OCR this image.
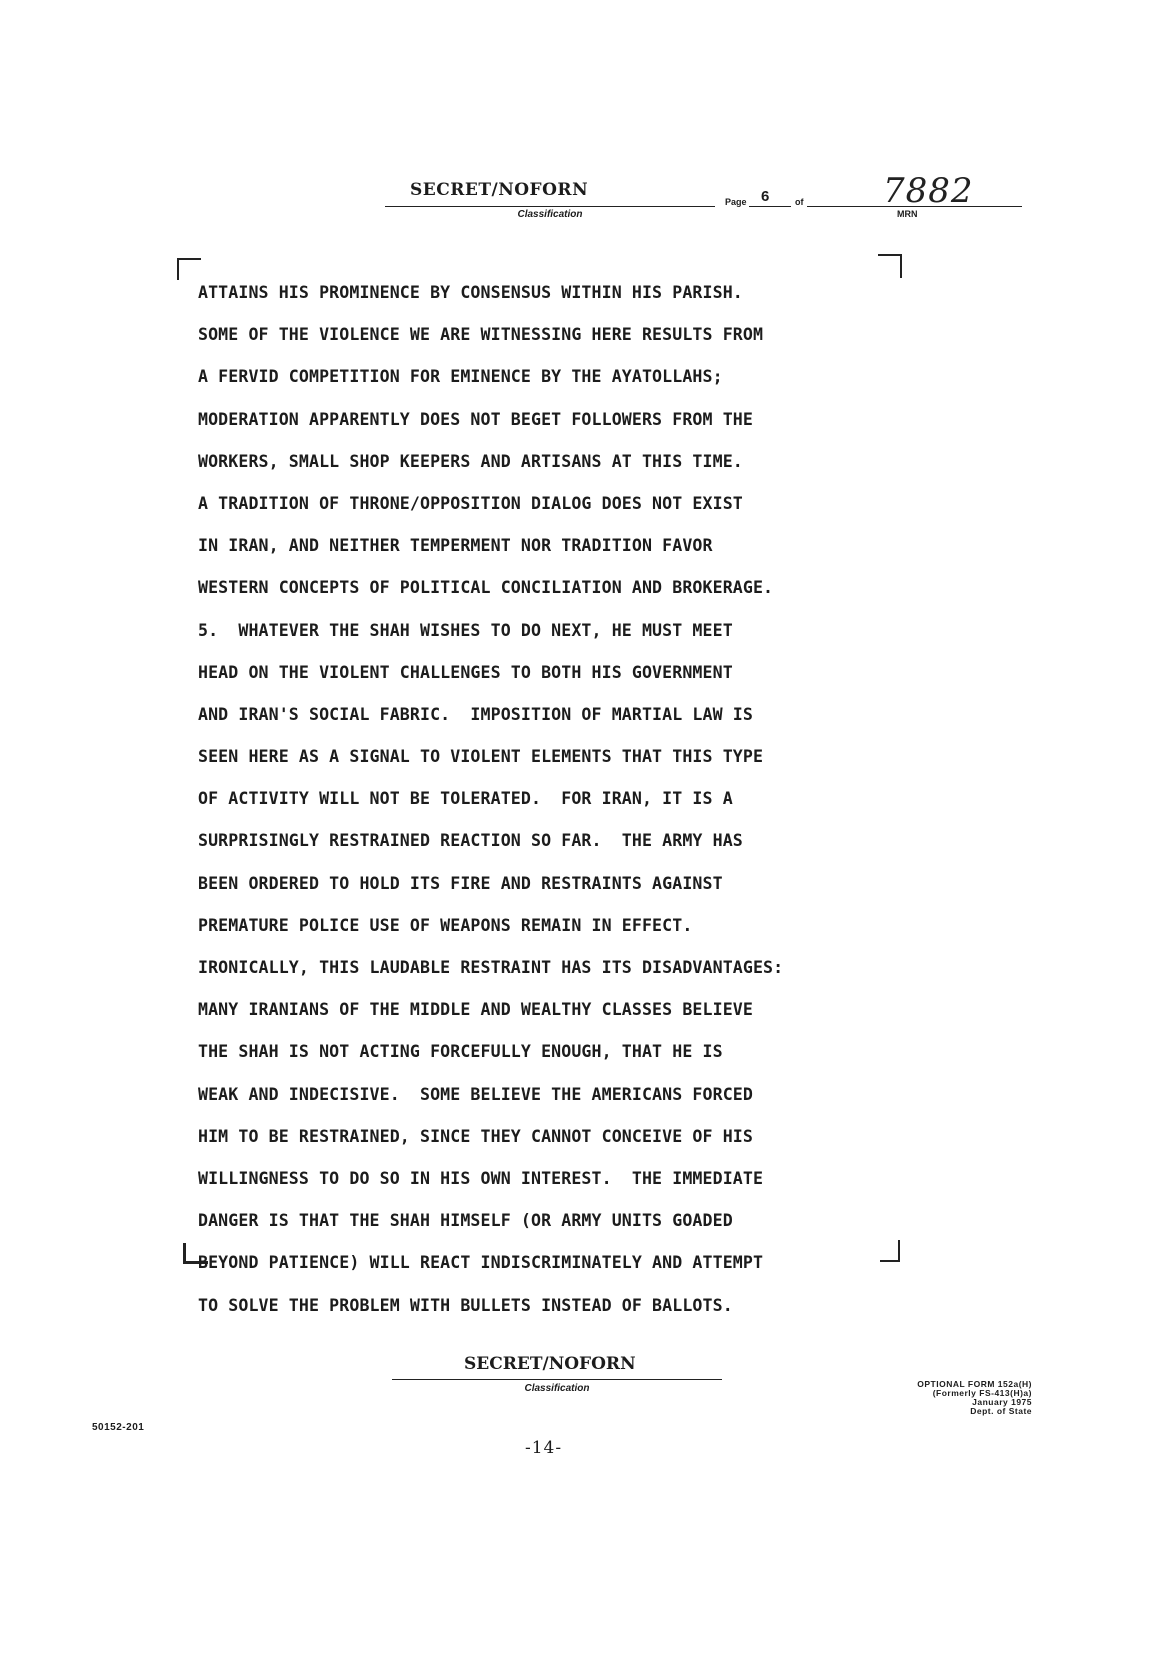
SECRET/NOFORN
Classification
Page 6	of 7882
MRN
ATTAINS HIS PROMINENCE BY CONSENSUS WITHIN HIS PARISH.
SOME OF THE VIOLENCE WE ARE WITNESSING HERE RESULTS FROM
A FERVID COMPETITION FOR EMINENCE BY THE AYATOLLAHS;
MODERATION APPARENTLY DOES NOT BEGET FOLLOWERS FROM THE
WORKERS, SMALL SHOP KEEPERS AND ARTISANS AT THIS TIME.
A TRADITION OF THRONE/OPPOSITION DIALOG DOES NOT EXIST
IN IRAN, AND NEITHER TEMPERMENT NOR TRADITION FAVOR
WESTERN CONCEPTS OF POLITICAL CONCILIATION AND BROKERAGE.
5.  WHATEVER THE SHAH WISHES TO DO NEXT, HE MUST MEET
HEAD ON THE VIOLENT CHALLENGES TO BOTH HIS GOVERNMENT
AND IRAN'S SOCIAL FABRIC.  IMPOSITION OF MARTIAL LAW IS
SEEN HERE AS A SIGNAL TO VIOLENT ELEMENTS THAT THIS TYPE
OF ACTIVITY WILL NOT BE TOLERATED.  FOR IRAN, IT IS A
SURPRISINGLY RESTRAINED REACTION SO FAR.  THE ARMY HAS
BEEN ORDERED TO HOLD ITS FIRE AND RESTRAINTS AGAINST
PREMATURE POLICE USE OF WEAPONS REMAIN IN EFFECT.
IRONICALLY, THIS LAUDABLE RESTRAINT HAS ITS DISADVANTAGES:
MANY IRANIANS OF THE MIDDLE AND WEALTHY CLASSES BELIEVE
THE SHAH IS NOT ACTING FORCEFULLY ENOUGH, THAT HE IS
WEAK AND INDECISIVE.  SOME BELIEVE THE AMERICANS FORCED
HIM TO BE RESTRAINED, SINCE THEY CANNOT CONCEIVE OF HIS
WILLINGNESS TO DO SO IN HIS OWN INTEREST.  THE IMMEDIATE
DANGER IS THAT THE SHAH HIMSELF (OR ARMY UNITS GOADED
BEYOND PATIENCE) WILL REACT INDISCRIMINATELY AND ATTEMPT
TO SOLVE THE PROBLEM WITH BULLETS INSTEAD OF BALLOTS.
SECRET/NOFORN
Classification	OPTIONAL FORM 152a(H)
(Formerly FS-413(H)a)
January 1975
Dept. of State
50152-201
-14-
